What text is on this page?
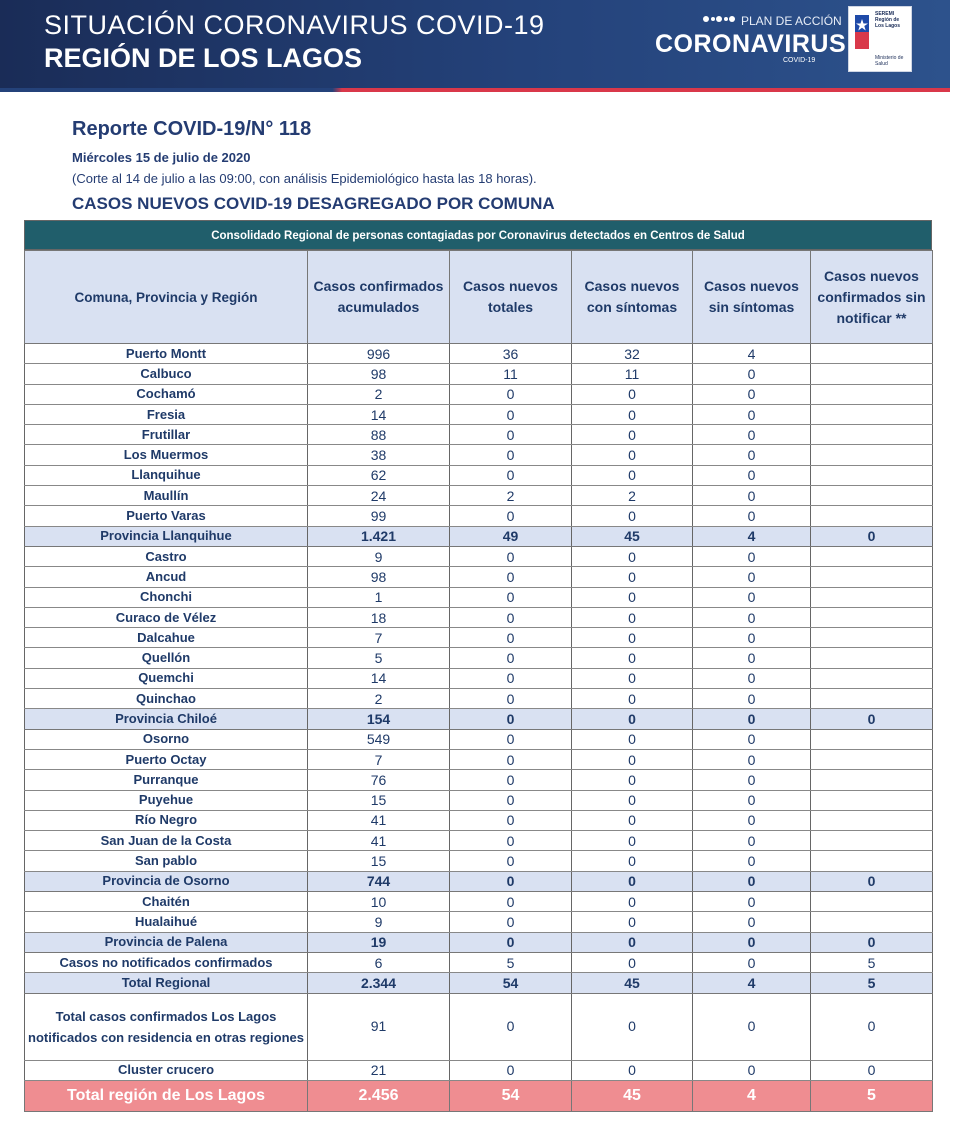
SITUACIÓN CORONAVIRUS COVID-19
REGIÓN DE LOS LAGOS
PLAN DE ACCIÓN
CORONAVIRUS
COVID-19
SEREMI Región de Los Lagos
Ministerio de Salud
Reporte COVID-19/N° 118
Miércoles 15 de julio de 2020
(Corte al 14 de julio a las 09:00, con análisis Epidemiológico hasta las 18 horas).
CASOS NUEVOS COVID-19 DESAGREGADO POR COMUNA
Consolidado Regional de personas contagiadas por Coronavirus detectados en Centros de Salud
Comuna, Provincia y Región	Casos confirmados acumulados	Casos nuevos totales	Casos nuevos con síntomas	Casos nuevos sin síntomas	Casos nuevos confirmados sin notificar **
Puerto Montt	996	36	32	4	
Calbuco	98	11	11	0	
Cochamó	2	0	0	0	
Fresia	14	0	0	0	
Frutillar	88	0	0	0	
Los Muermos	38	0	0	0	
Llanquihue	62	0	0	0	
Maullín	24	2	2	0	
Puerto Varas	99	0	0	0	
Provincia Llanquihue	1.421	49	45	4	0
Castro	9	0	0	0	
Ancud	98	0	0	0	
Chonchi	1	0	0	0	
Curaco de Vélez	18	0	0	0	
Dalcahue	7	0	0	0	
Quellón	5	0	0	0	
Quemchi	14	0	0	0	
Quinchao	2	0	0	0	
Provincia Chiloé	154	0	0	0	0
Osorno	549	0	0	0	
Puerto Octay	7	0	0	0	
Purranque	76	0	0	0	
Puyehue	15	0	0	0	
Río Negro	41	0	0	0	
San Juan de la Costa	41	0	0	0	
San pablo	15	0	0	0	
Provincia de Osorno	744	0	0	0	0
Chaitén	10	0	0	0	
Hualaihué	9	0	0	0	
Provincia de Palena	19	0	0	0	0
Casos no notificados confirmados	6	5	0	0	5
Total Regional	2.344	54	45	4	5
Total casos confirmados Los Lagos notificados con residencia en otras regiones	91	0	0	0	0
Cluster crucero	21	0	0	0	0
Total región de Los Lagos	2.456	54	45	4	5
